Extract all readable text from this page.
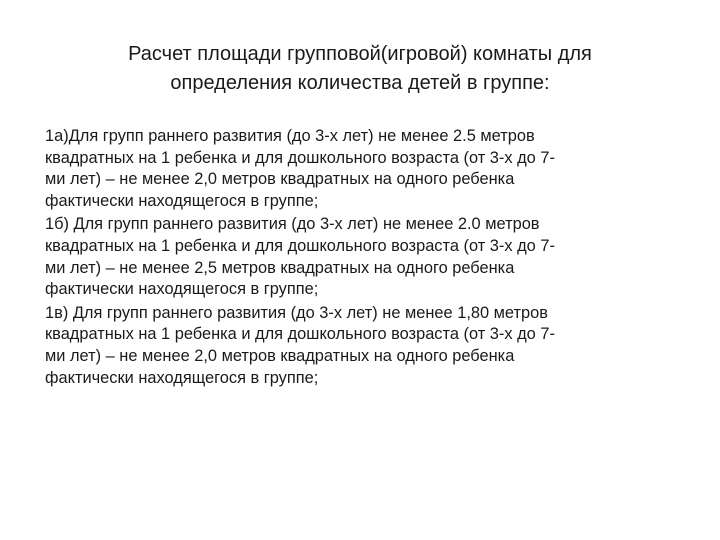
Расчет площади групповой(игровой) комнаты для
определения количества детей в группе:

1а)Для групп раннего развития (до 3-х лет) не менее 2.5 метров
квадратных на 1 ребенка и для дошкольного возраста (от 3-х до 7-
ми лет) – не менее 2,0 метров квадратных на одного ребенка
фактически находящегося в группе;

1б) Для групп раннего развития (до 3-х лет) не менее 2.0 метров
квадратных на 1 ребенка и для дошкольного возраста (от 3-х до 7-
ми лет) – не менее 2,5 метров квадратных на одного ребенка
фактически находящегося в группе;

1в) Для групп раннего развития (до 3-х лет) не менее 1,80 метров
квадратных на 1 ребенка и для дошкольного возраста (от 3-х до 7-
ми лет) – не менее 2,0 метров квадратных на одного ребенка
фактически находящегося в группе;
